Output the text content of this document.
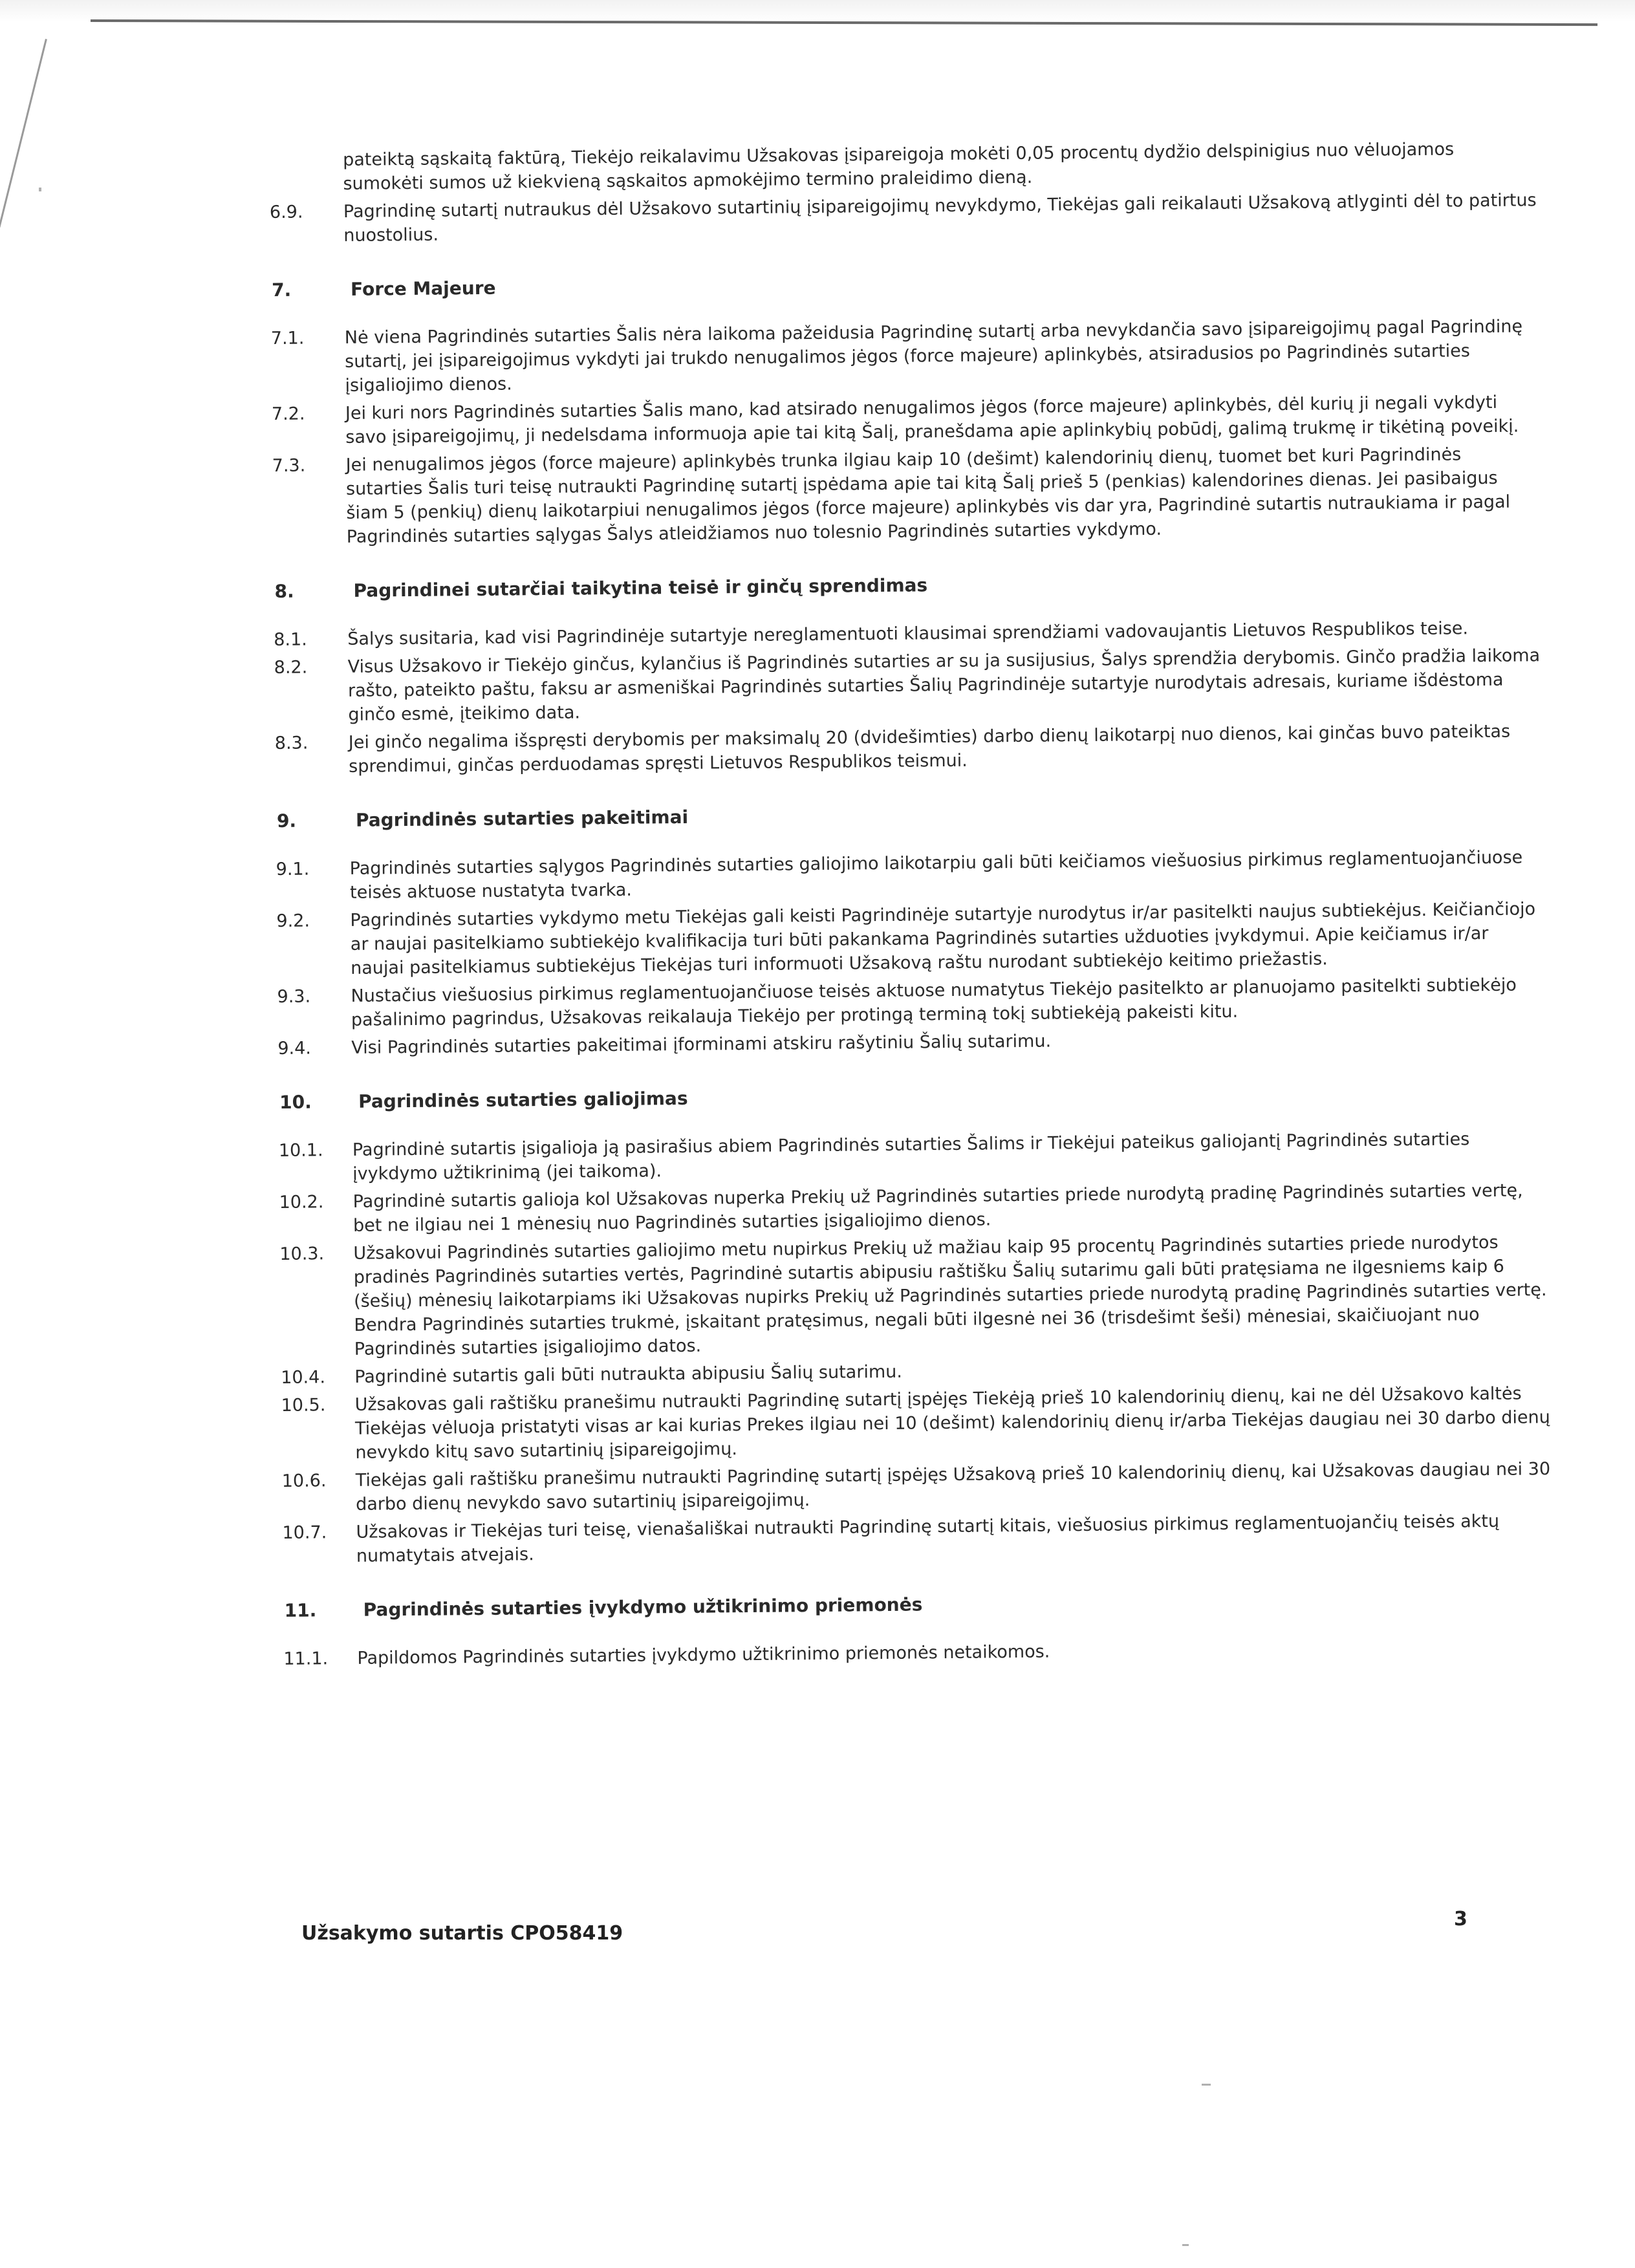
pateiktą sąskaitą faktūrą, Tiekėjo reikalavimu Užsakovas įsipareigoja mokėti 0,05 procentų dydžio delspinigius nuo vėluojamos
sumokėti sumos už kiekvieną sąskaitos apmokėjimo termino praleidimo dieną.
6.9.	Pagrindinę sutartį nutraukus dėl Užsakovo sutartinių įsipareigojimų nevykdymo, Tiekėjas gali reikalauti Užsakovą atlyginti dėl to patirtus nuostolius.
7.	Force Majeure
7.1.	Nė viena Pagrindinės sutarties Šalis nėra laikoma pažeidusia Pagrindinę sutartį arba nevykdančia savo įsipareigojimų pagal Pagrindinę sutartį, jei įsipareigojimus vykdyti jai trukdo nenugalimos jėgos (force majeure) aplinkybės, atsiradusios po Pagrindinės sutarties įsigaliojimo dienos.
7.2.	Jei kuri nors Pagrindinės sutarties Šalis mano, kad atsirado nenugalimos jėgos (force majeure) aplinkybės, dėl kurių ji negali vykdyti savo įsipareigojimų, ji nedelsdama informuoja apie tai kitą Šalį, pranešdama apie aplinkybių pobūdį, galimą trukmę ir tikėtiną poveikį.
7.3.	Jei nenugalimos jėgos (force majeure) aplinkybės trunka ilgiau kaip 10 (dešimt) kalendorinių dienų, tuomet bet kuri Pagrindinės sutarties Šalis turi teisę nutraukti Pagrindinę sutartį įspėdama apie tai kitą Šalį prieš 5 (penkias) kalendorines dienas. Jei pasibaigus šiam 5 (penkių) dienų laikotarpiui nenugalimos jėgos (force majeure) aplinkybės vis dar yra, Pagrindinė sutartis nutraukiama ir pagal Pagrindinės sutarties sąlygas Šalys atleidžiamos nuo tolesnio Pagrindinės sutarties vykdymo.
8.	Pagrindinei sutarčiai taikytina teisė ir ginčų sprendimas
8.1.	Šalys susitaria, kad visi Pagrindinėje sutartyje nereglamentuoti klausimai sprendžiami vadovaujantis Lietuvos Respublikos teise.
8.2.	Visus Užsakovo ir Tiekėjo ginčus, kylančius iš Pagrindinės sutarties ar su ja susijusius, Šalys sprendžia derybomis. Ginčo pradžia laikoma rašto, pateikto paštu, faksu ar asmeniškai Pagrindinės sutarties Šalių Pagrindinėje sutartyje nurodytais adresais, kuriame išdėstoma ginčo esmė, įteikimo data.
8.3.	Jei ginčo negalima išspręsti derybomis per maksimalų 20 (dvidešimties) darbo dienų laikotarpį nuo dienos, kai ginčas buvo pateiktas sprendimui, ginčas perduodamas spręsti Lietuvos Respublikos teismui.
9.	Pagrindinės sutarties pakeitimai
9.1.	Pagrindinės sutarties sąlygos Pagrindinės sutarties galiojimo laikotarpiu gali būti keičiamos viešuosius pirkimus reglamentuojančiuose teisės aktuose nustatyta tvarka.
9.2.	Pagrindinės sutarties vykdymo metu Tiekėjas gali keisti Pagrindinėje sutartyje nurodytus ir/ar pasitelkti naujus subtiekėjus. Keičiančiojo ar naujai pasitelkiamo subtiekėjo kvalifikacija turi būti pakankama Pagrindinės sutarties užduoties įvykdymui. Apie keičiamus ir/ar naujai pasitelkiamus subtiekėjus Tiekėjas turi informuoti Užsakovą raštu nurodant subtiekėjo keitimo priežastis.
9.3.	Nustačius viešuosius pirkimus reglamentuojančiuose teisės aktuose numatytus Tiekėjo pasitelkto ar planuojamo pasitelkti subtiekėjo pašalinimo pagrindus, Užsakovas reikalauja Tiekėjo per protingą terminą tokį subtiekėją pakeisti kitu.
9.4.	Visi Pagrindinės sutarties pakeitimai įforminami atskiru rašytiniu Šalių sutarimu.
10.	Pagrindinės sutarties galiojimas
10.1.	Pagrindinė sutartis įsigalioja ją pasirašius abiem Pagrindinės sutarties Šalims ir Tiekėjui pateikus galiojantį Pagrindinės sutarties įvykdymo užtikrinimą (jei taikoma).
10.2.	Pagrindinė sutartis galioja kol Užsakovas nuperka Prekių už Pagrindinės sutarties priede nurodytą pradinę Pagrindinės sutarties vertę, bet ne ilgiau nei 1 mėnesių nuo Pagrindinės sutarties įsigaliojimo dienos.
10.3.	Užsakovui Pagrindinės sutarties galiojimo metu nupirkus Prekių už mažiau kaip 95 procentų Pagrindinės sutarties priede nurodytos pradinės Pagrindinės sutarties vertės, Pagrindinė sutartis abipusiu raštišku Šalių sutarimu gali būti pratęsiama ne ilgesniems kaip 6 (šešių) mėnesių laikotarpiams iki Užsakovas nupirks Prekių už Pagrindinės sutarties priede nurodytą pradinę Pagrindinės sutarties vertę. Bendra Pagrindinės sutarties trukmė, įskaitant pratęsimus, negali būti ilgesnė nei 36 (trisdešimt šeši) mėnesiai, skaičiuojant nuo Pagrindinės sutarties įsigaliojimo datos.
10.4.	Pagrindinė sutartis gali būti nutraukta abipusiu Šalių sutarimu.
10.5.	Užsakovas gali raštišku pranešimu nutraukti Pagrindinę sutartį įspėjęs Tiekėją prieš 10 kalendorinių dienų, kai ne dėl Užsakovo kaltės Tiekėjas vėluoja pristatyti visas ar kai kurias Prekes ilgiau nei 10 (dešimt) kalendorinių dienų ir/arba Tiekėjas daugiau nei 30 darbo dienų nevykdo kitų savo sutartinių įsipareigojimų.
10.6.	Tiekėjas gali raštišku pranešimu nutraukti Pagrindinę sutartį įspėjęs Užsakovą prieš 10 kalendorinių dienų, kai Užsakovas daugiau nei 30 darbo dienų nevykdo savo sutartinių įsipareigojimų.
10.7.	Užsakovas ir Tiekėjas turi teisę, vienašališkai nutraukti Pagrindinę sutartį kitais, viešuosius pirkimus reglamentuojančių teisės aktų numatytais atvejais.
11.	Pagrindinės sutarties įvykdymo užtikrinimo priemonės
11.1.	Papildomos Pagrindinės sutarties įvykdymo užtikrinimo priemonės netaikomos.
Užsakymo sutartis CPO58419
3
